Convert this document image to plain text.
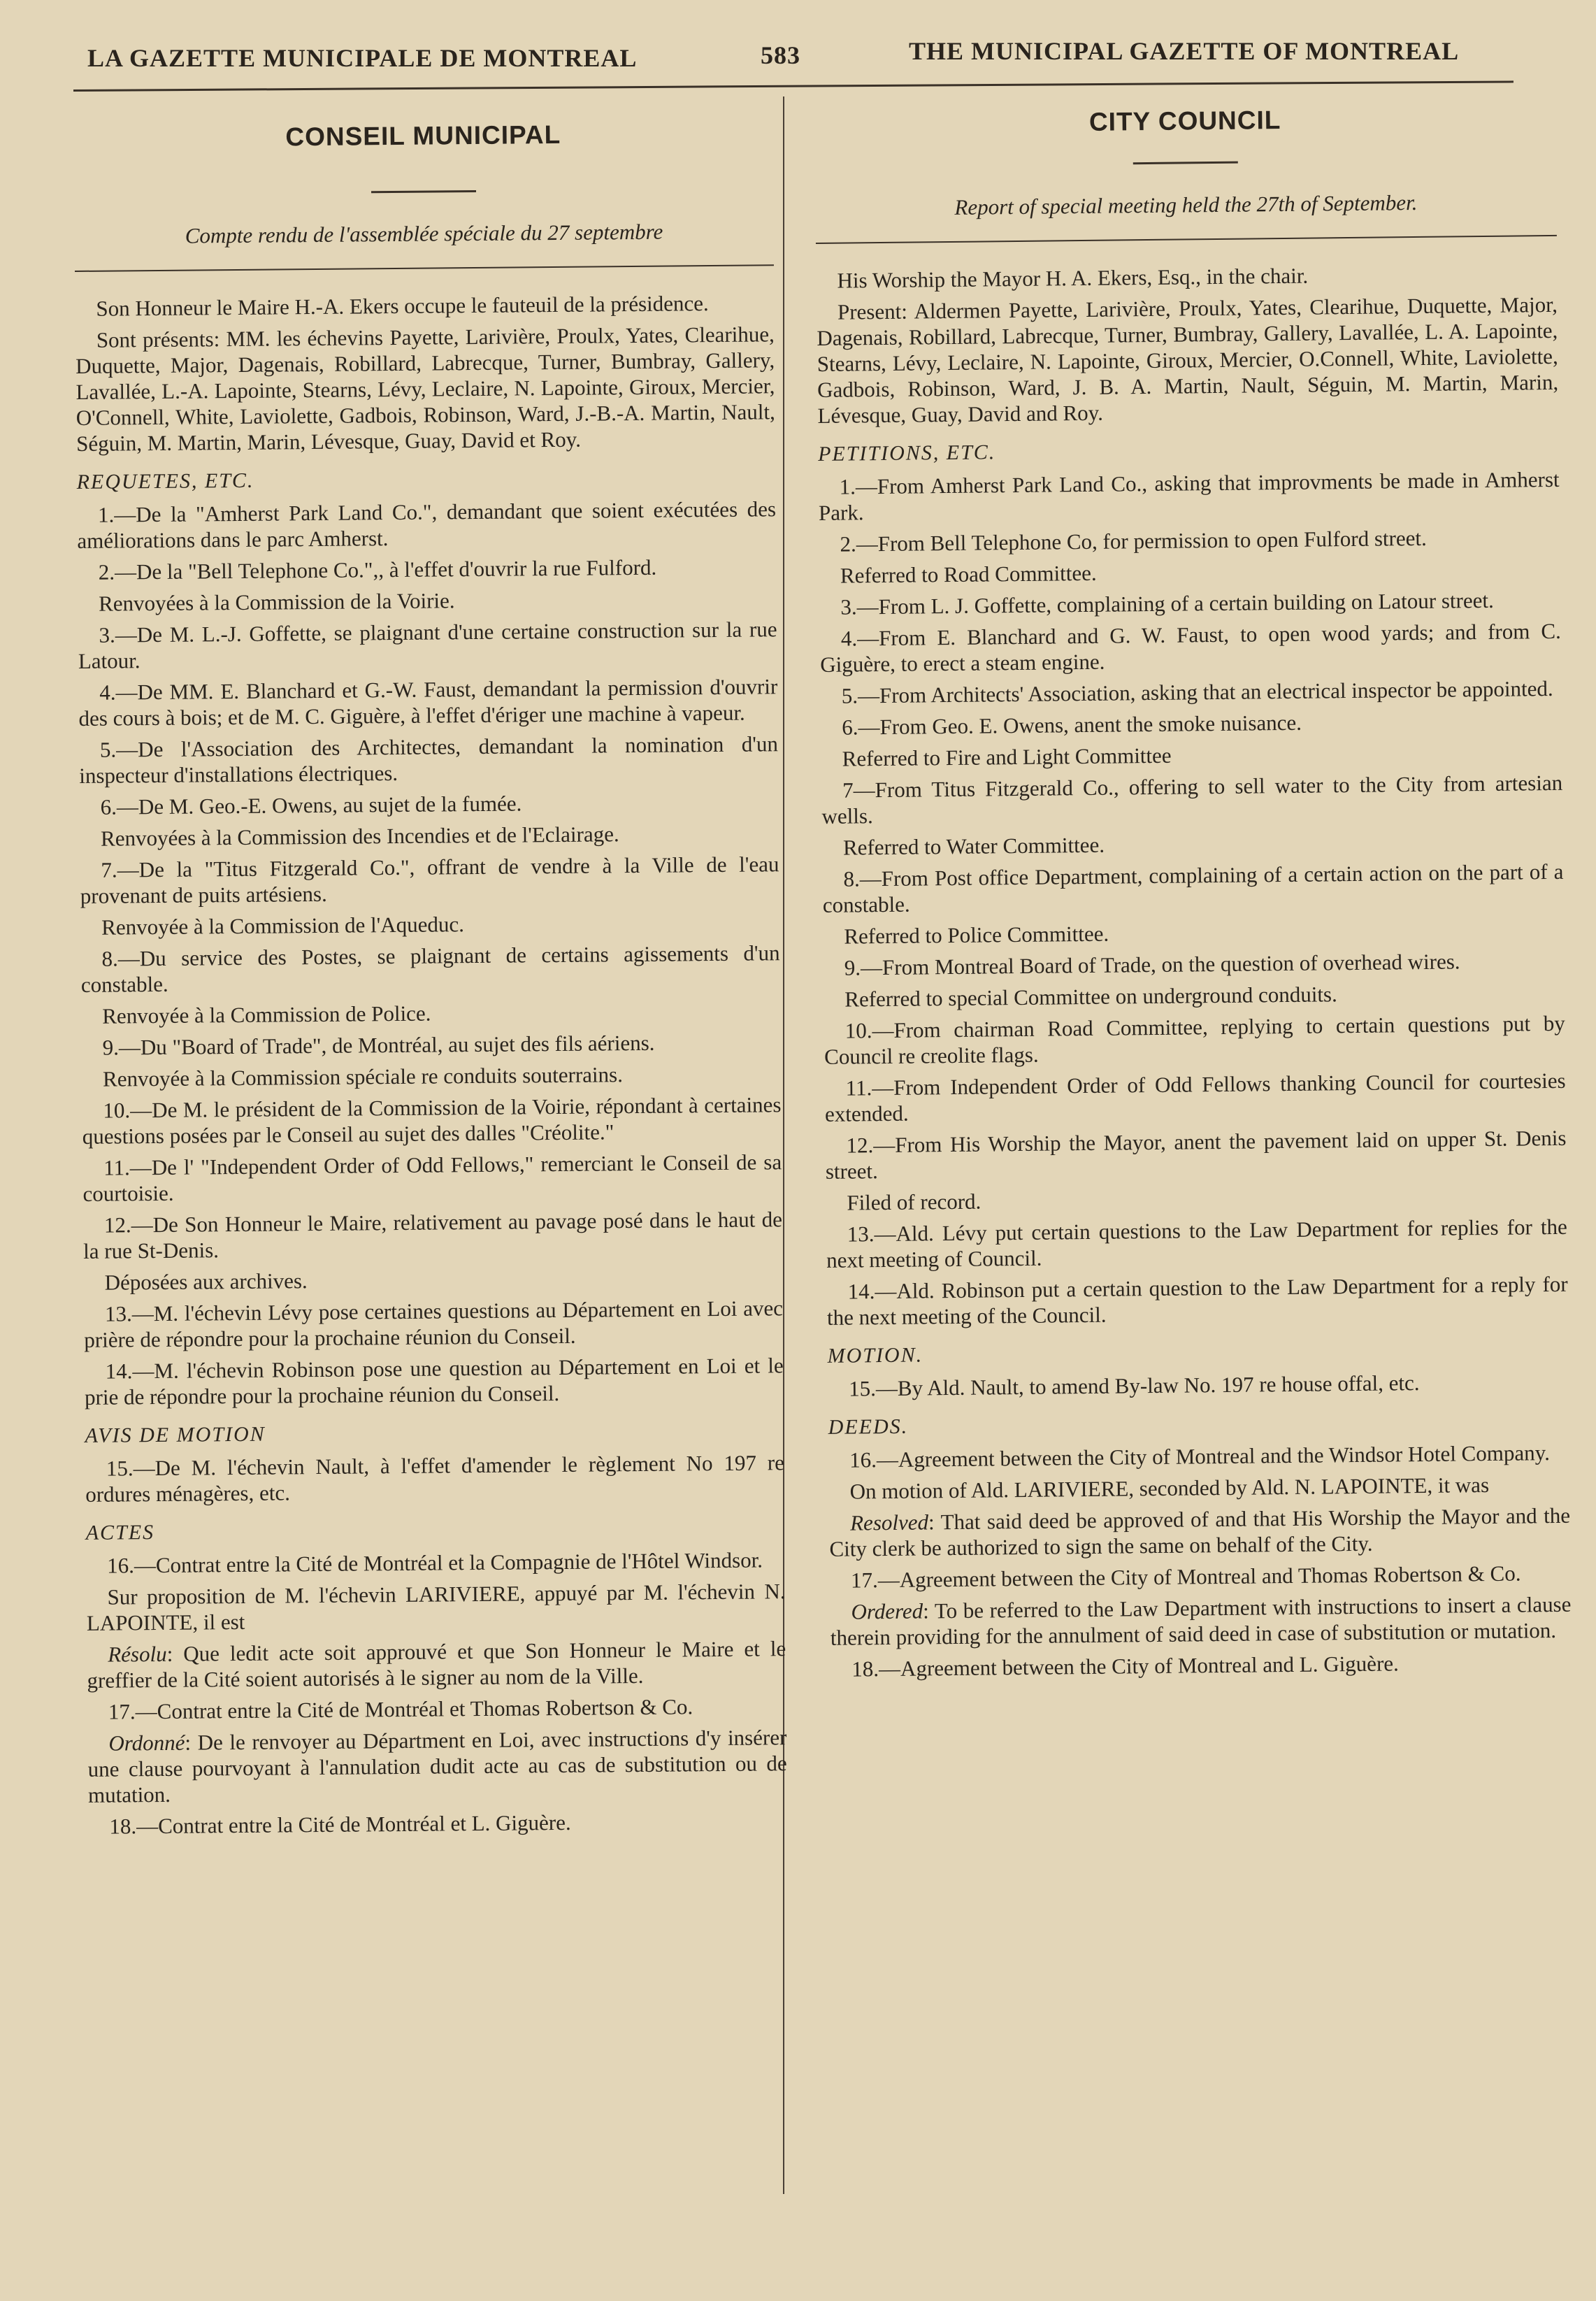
LA GAZETTE MUNICIPALE DE MONTREAL	583	THE MUNICIPAL GAZETTE OF MONTREAL
CONSEIL MUNICIPAL
Compte rendu de l'assemblée spéciale du 27 septembre

Son Honneur le Maire H.-A. Ekers occupe le fauteuil de la présidence.

Sont présents: MM. les échevins Payette, Larivière, Proulx, Yates, Clearihue, Duquette, Major, Dagenais, Robillard, Labrecque, Turner, Bumbray, Gallery, Lavallée, L.-A. Lapointe, Stearns, Lévy, Leclaire, N. Lapointe, Giroux, Mercier, O'Connell, White, Laviolette, Gadbois, Robinson, Ward, J.-B.-A. Martin, Nault, Séguin, M. Martin, Marin, Lévesque, Guay, David et Roy.

REQUETES, ETC.

1.—De la "Amherst Park Land Co.", demandant que soient exécutées des améliorations dans le parc Amherst.

2.—De la "Bell Telephone Co.",, à l'effet d'ouvrir la rue Fulford.

Renvoyées à la Commission de la Voirie.

3.—De M. L.-J. Goffette, se plaignant d'une certaine construction sur la rue Latour.

4.—De MM. E. Blanchard et G.-W. Faust, demandant la permission d'ouvrir des cours à bois; et de M. C. Giguère, à l'effet d'ériger une machine à vapeur.

5.—De l'Association des Architectes, demandant la nomination d'un inspecteur d'installations électriques.

6.—De M. Geo.-E. Owens, au sujet de la fumée.

Renvoyées à la Commission des Incendies et de l'Eclairage.

7.—De la "Titus Fitzgerald Co.", offrant de vendre à la Ville de l'eau provenant de puits artésiens.

Renvoyée à la Commission de l'Aqueduc.

8.—Du service des Postes, se plaignant de certains agissements d'un constable.

Renvoyée à la Commission de Police.

9.—Du "Board of Trade", de Montréal, au sujet des fils aériens.

Renvoyée à la Commission spéciale re conduits souterrains.

10.—De M. le président de la Commission de la Voirie, répondant à certaines questions posées par le Conseil au sujet des dalles "Créolite."

11.—De l' "Independent Order of Odd Fellows," remerciant le Conseil de sa courtoisie.

12.—De Son Honneur le Maire, relativement au pavage posé dans le haut de la rue St-Denis.

Déposées aux archives.

13.—M. l'échevin Lévy pose certaines questions au Département en Loi avec prière de répondre pour la prochaine réunion du Conseil.

14.—M. l'échevin Robinson pose une question au Département en Loi et le prie de répondre pour la prochaine réunion du Conseil.

AVIS DE MOTION

15.—De M. l'échevin Nault, à l'effet d'amender le règlement No 197 re ordures ménagères, etc.

ACTES

16.—Contrat entre la Cité de Montréal et la Compagnie de l'Hôtel Windsor.

Sur proposition de M. l'échevin LARIVIERE, appuyé par M. l'échevin N. LAPOINTE, il est

Résolu: Que ledit acte soit approuvé et que Son Honneur le Maire et le greffier de la Cité soient autorisés à le signer au nom de la Ville.

17.—Contrat entre la Cité de Montréal et Thomas Robertson & Co.

Ordonné: De le renvoyer au Départment en Loi, avec instructions d'y insérer une clause pourvoyant à l'annulation dudit acte au cas de substitution ou de mutation.

18.—Contrat entre la Cité de Montréal et L. Giguère.

CITY COUNCIL
Report of special meeting held the 27th of September.

His Worship the Mayor H. A. Ekers, Esq., in the chair.

Present: Aldermen Payette, Larivière, Proulx, Yates, Clearihue, Duquette, Major, Dagenais, Robillard, Labrecque, Turner, Bumbray, Gallery, Lavallée, L. A. Lapointe, Stearns, Lévy, Leclaire, N. Lapointe, Giroux, Mercier, O.Connell, White, Laviolette, Gadbois, Robinson, Ward, J. B. A. Martin, Nault, Séguin, M. Martin, Marin, Lévesque, Guay, David and Roy.

PETITIONS, ETC.

1.—From Amherst Park Land Co., asking that improvments be made in Amherst Park.

2.—From Bell Telephone Co, for permission to open Fulford street.

Referred to Road Committee.

3.—From L. J. Goffette, complaining of a certain building on Latour street.

4.—From E. Blanchard and G. W. Faust, to open wood yards; and from C. Giguère, to erect a steam engine.

5.—From Architects' Association, asking that an electrical inspector be appointed.

6.—From Geo. E. Owens, anent the smoke nuisance.

Referred to Fire and Light Committee

7—From Titus Fitzgerald Co., offering to sell water to the City from artesian wells.

Referred to Water Committee.

8.—From Post office Department, complaining of a certain action on the part of a constable.

Referred to Police Committee.

9.—From Montreal Board of Trade, on the question of overhead wires.

Referred to special Committee on underground conduits.

10.—From chairman Road Committee, replying to certain questions put by Council re creolite flags.

11.—From Independent Order of Odd Fellows thanking Council for courtesies extended.

12.—From His Worship the Mayor, anent the pavement laid on upper St. Denis street.

Filed of record.

13.—Ald. Lévy put certain questions to the Law Department for replies for the next meeting of Council.

14.—Ald. Robinson put a certain question to the Law Department for a reply for the next meeting of the Council.

MOTION.

15.—By Ald. Nault, to amend By-law No. 197 re house offal, etc.

DEEDS.

16.—Agreement between the City of Montreal and the Windsor Hotel Company.

On motion of Ald. LARIVIERE, seconded by Ald. N. LAPOINTE, it was

Resolved: That said deed be approved of and that His Worship the Mayor and the City clerk be authorized to sign the same on behalf of the City.

17.—Agreement between the City of Montreal and Thomas Robertson & Co.

Ordered: To be referred to the Law Department with instructions to insert a clause therein providing for the annulment of said deed in case of substitution or mutation.

18.—Agreement between the City of Montreal and L. Giguère.
